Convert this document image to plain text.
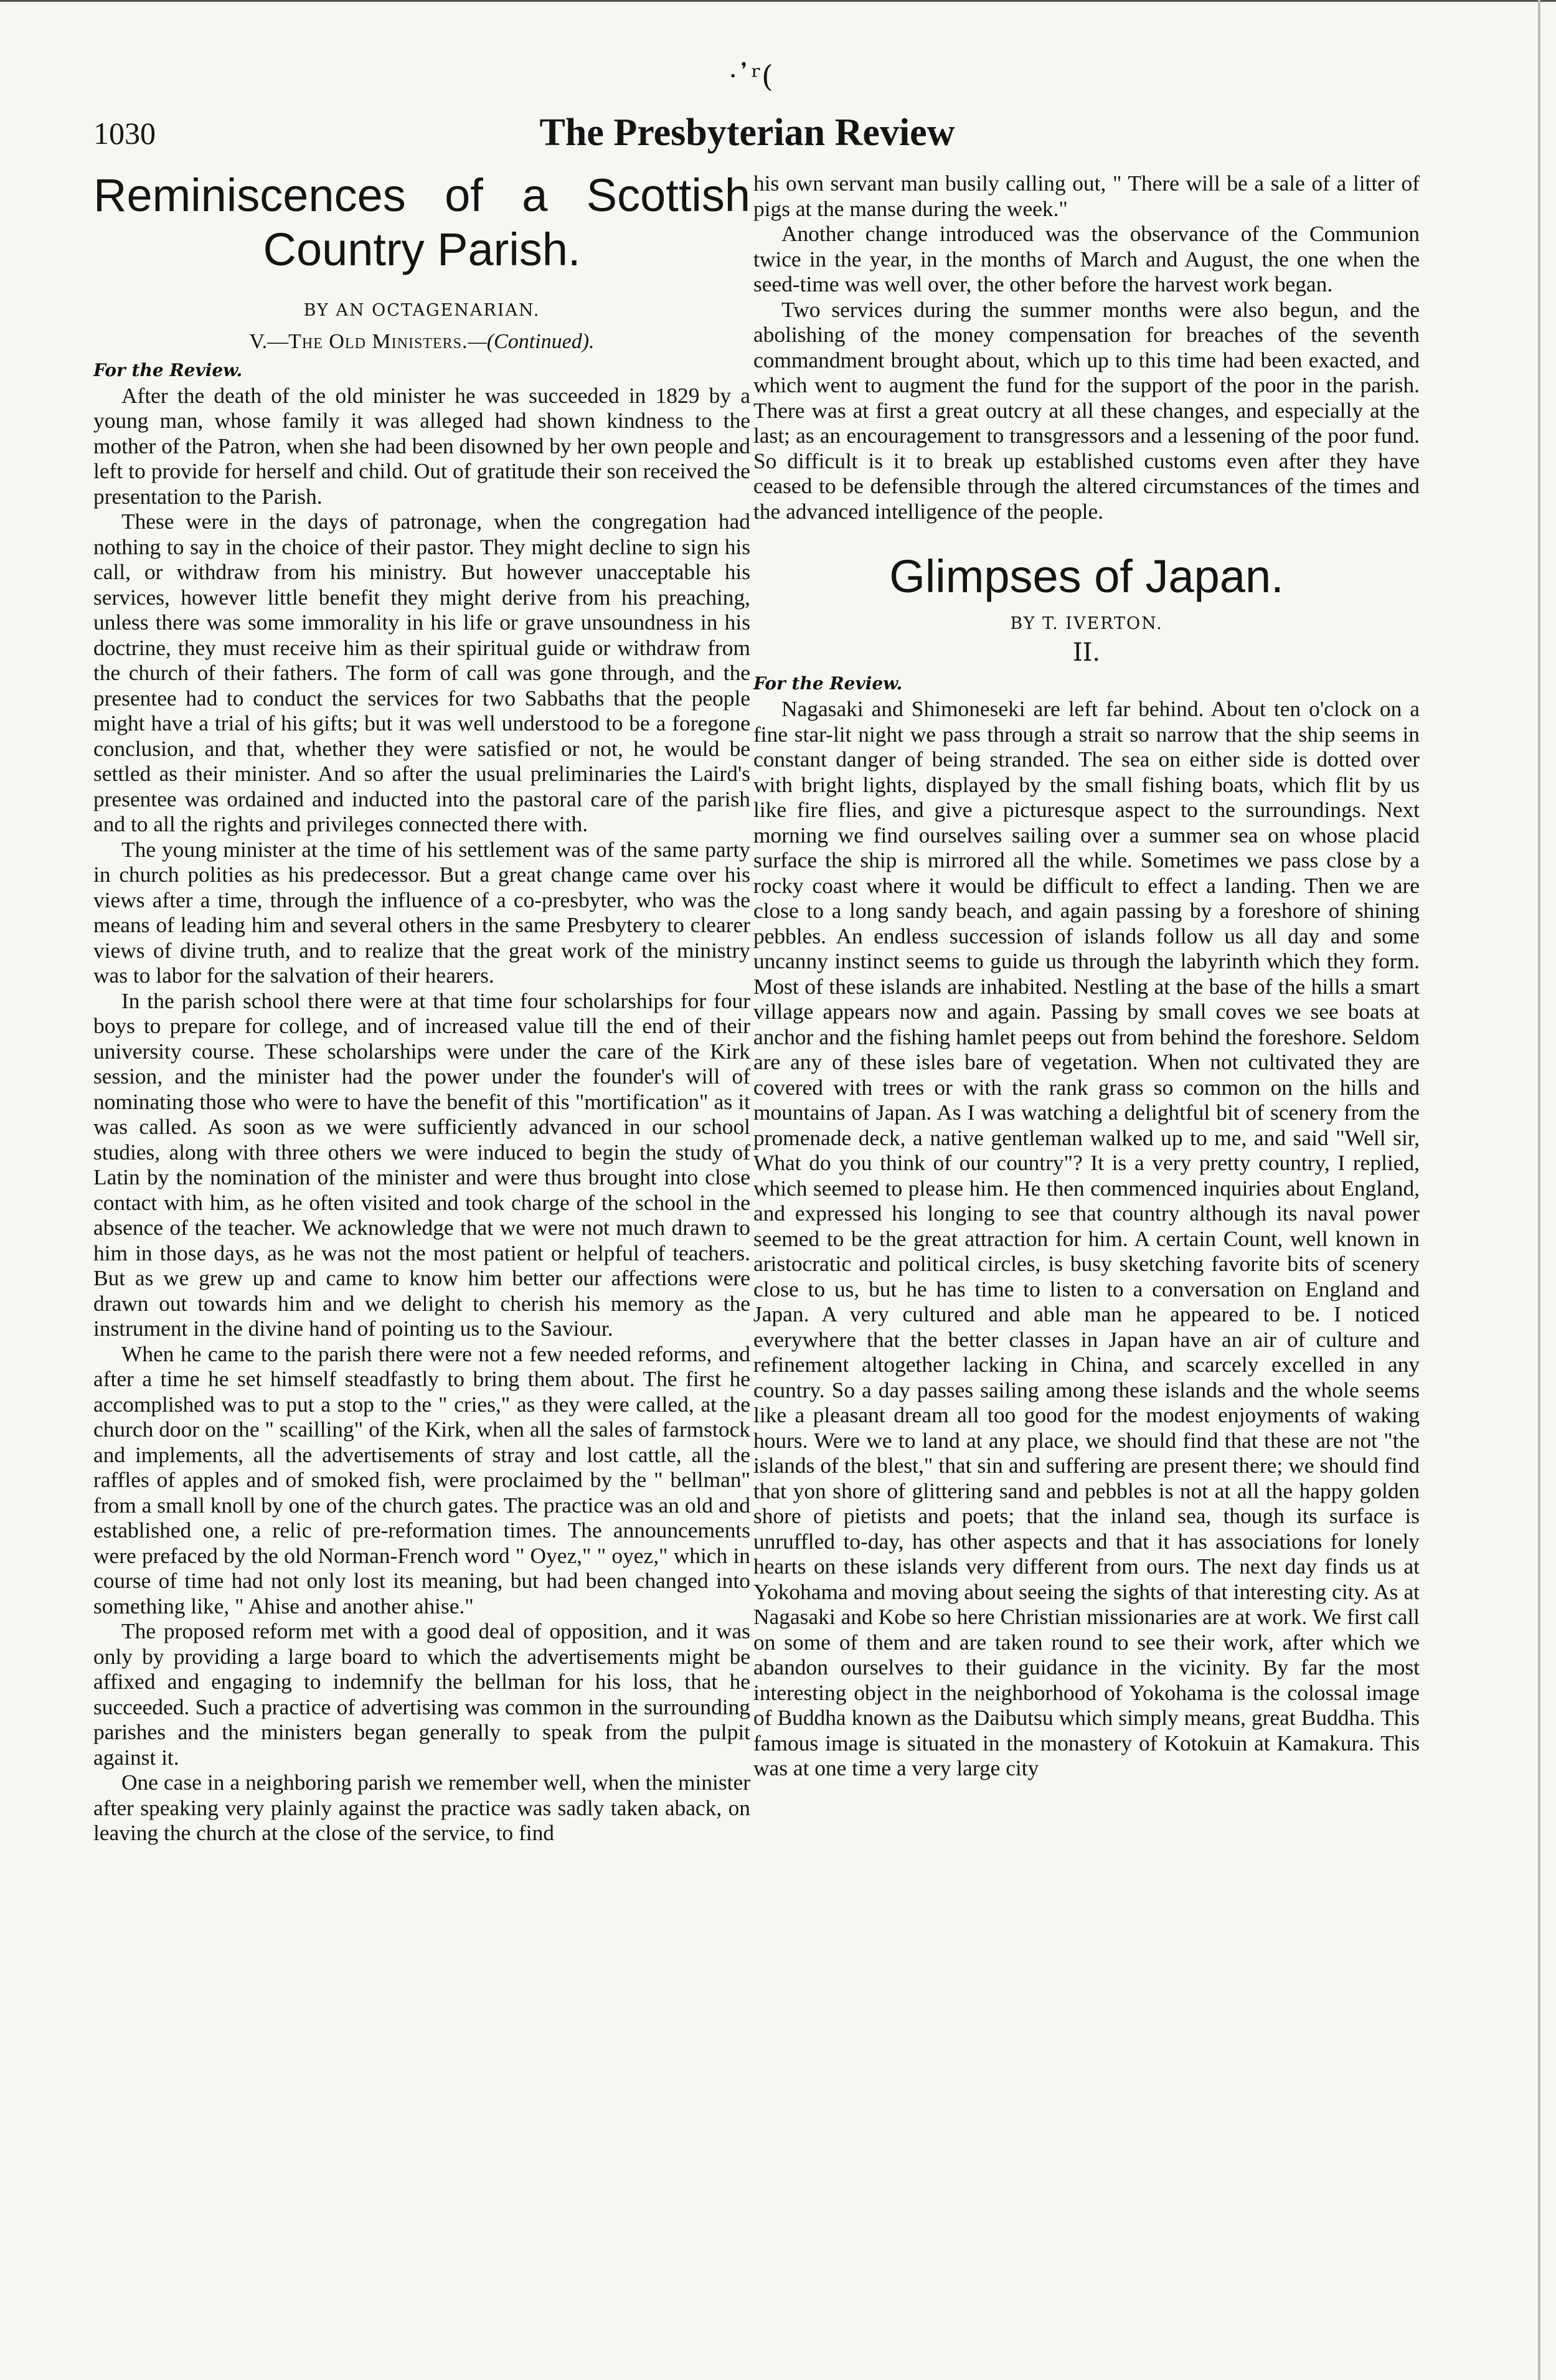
ᐧ᾽ʳ(
1030	The Presbyterian Review
Reminiscences of a Scottish
Country Parish.
BY AN OCTAGENARIAN.
V.—The Old Ministers.—(Continued).
For the Review.

After the death of the old minister he was succeeded in 1829 by a young man, whose family it was alleged had shown kindness to the mother of the Patron, when she had been disowned by her own people and left to provide for herself and child. Out of gratitude their son received the presentation to the Parish.

These were in the days of patronage, when the congregation had nothing to say in the choice of their pastor. They might decline to sign his call, or withdraw from his ministry. But however unacceptable his services, however little benefit they might derive from his preaching, unless there was some immorality in his life or grave unsoundness in his doctrine, they must receive him as their spiritual guide or withdraw from the church of their fathers. The form of call was gone through, and the presentee had to conduct the services for two Sabbaths that the people might have a trial of his gifts; but it was well understood to be a foregone conclusion, and that, whether they were satisfied or not, he would be settled as their minister. And so after the usual preliminaries the Laird's presentee was ordained and inducted into the pastoral care of the parish and to all the rights and privileges connected there with.

The young minister at the time of his settlement was of the same party in church polities as his predecessor. But a great change came over his views after a time, through the influence of a co-presbyter, who was the means of leading him and several others in the same Presbytery to clearer views of divine truth, and to realize that the great work of the ministry was to labor for the salvation of their hearers.

In the parish school there were at that time four scholarships for four boys to prepare for college, and of increased value till the end of their university course. These scholarships were under the care of the Kirk session, and the minister had the power under the founder's will of nominating those who were to have the benefit of this "mortification" as it was called. As soon as we were sufficiently advanced in our school studies, along with three others we were induced to begin the study of Latin by the nomination of the minister and were thus brought into close contact with him, as he often visited and took charge of the school in the absence of the teacher. We acknowledge that we were not much drawn to him in those days, as he was not the most patient or helpful of teachers. But as we grew up and came to know him better our affections were drawn out towards him and we delight to cherish his memory as the instrument in the divine hand of pointing us to the Saviour.

When he came to the parish there were not a few needed reforms, and after a time he set himself steadfastly to bring them about. The first he accomplished was to put a stop to the " cries," as they were called, at the church door on the " scailling" of the Kirk, when all the sales of farmstock and implements, all the advertisements of stray and lost cattle, all the raffles of apples and of smoked fish, were proclaimed by the " bellman" from a small knoll by one of the church gates. The practice was an old and established one, a relic of pre-reformation times. The announcements were prefaced by the old Norman-French word " Oyez," " oyez," which in course of time had not only lost its meaning, but had been changed into something like, " Ahise and another ahise."

The proposed reform met with a good deal of opposition, and it was only by providing a large board to which the advertisements might be affixed and engaging to indemnify the bellman for his loss, that he succeeded. Such a practice of advertising was common in the surrounding parishes and the ministers began generally to speak from the pulpit against it.

One case in a neighboring parish we remember well, when the minister after speaking very plainly against the practice was sadly taken aback, on leaving the church at the close of the service, to find

his own servant man busily calling out, " There will be a sale of a litter of pigs at the manse during the week."

Another change introduced was the observance of the Communion twice in the year, in the months of March and August, the one when the seed-time was well over, the other before the harvest work began.

Two services during the summer months were also begun, and the abolishing of the money compensation for breaches of the seventh commandment brought about, which up to this time had been exacted, and which went to augment the fund for the support of the poor in the parish. There was at first a great outcry at all these changes, and especially at the last; as an encouragement to transgressors and a lessening of the poor fund. So difficult is it to break up established customs even after they have ceased to be defensible through the altered circumstances of the times and the advanced intelligence of the people.

Glimpses of Japan.
BY T. IVERTON.
II.
For the Review.

Nagasaki and Shimoneseki are left far behind. About ten o'clock on a fine star-lit night we pass through a strait so narrow that the ship seems in constant danger of being stranded. The sea on either side is dotted over with bright lights, displayed by the small fishing boats, which flit by us like fire flies, and give a picturesque aspect to the surroundings. Next morning we find ourselves sailing over a summer sea on whose placid surface the ship is mirrored all the while. Sometimes we pass close by a rocky coast where it would be difficult to effect a landing. Then we are close to a long sandy beach, and again passing by a foreshore of shining pebbles. An endless succession of islands follow us all day and some uncanny instinct seems to guide us through the labyrinth which they form. Most of these islands are inhabited. Nestling at the base of the hills a smart village appears now and again. Passing by small coves we see boats at anchor and the fishing hamlet peeps out from behind the foreshore. Seldom are any of these isles bare of vegetation. When not cultivated they are covered with trees or with the rank grass so common on the hills and mountains of Japan. As I was watching a delightful bit of scenery from the promenade deck, a native gentleman walked up to me, and said "Well sir, What do you think of our country"? It is a very pretty country, I replied, which seemed to please him. He then commenced inquiries about England, and expressed his longing to see that country although its naval power seemed to be the great attraction for him. A certain Count, well known in aristocratic and political circles, is busy sketching favorite bits of scenery close to us, but he has time to listen to a conversation on England and Japan. A very cultured and able man he appeared to be. I noticed everywhere that the better classes in Japan have an air of culture and refinement altogether lacking in China, and scarcely excelled in any country. So a day passes sailing among these islands and the whole seems like a pleasant dream all too good for the modest enjoyments of waking hours. Were we to land at any place, we should find that these are not "the islands of the blest," that sin and suffering are present there; we should find that yon shore of glittering sand and pebbles is not at all the happy golden shore of pietists and poets; that the inland sea, though its surface is unruffled to-day, has other aspects and that it has associations for lonely hearts on these islands very different from ours. The next day finds us at Yokohama and moving about seeing the sights of that interesting city. As at Nagasaki and Kobe so here Christian missionaries are at work. We first call on some of them and are taken round to see their work, after which we abandon ourselves to their guidance in the vicinity. By far the most interesting object in the neighborhood of Yokohama is the colossal image of Buddha known as the Daibutsu which simply means, great Buddha. This famous image is situated in the monastery of Kotokuin at Kamakura. This was at one time a very large city
